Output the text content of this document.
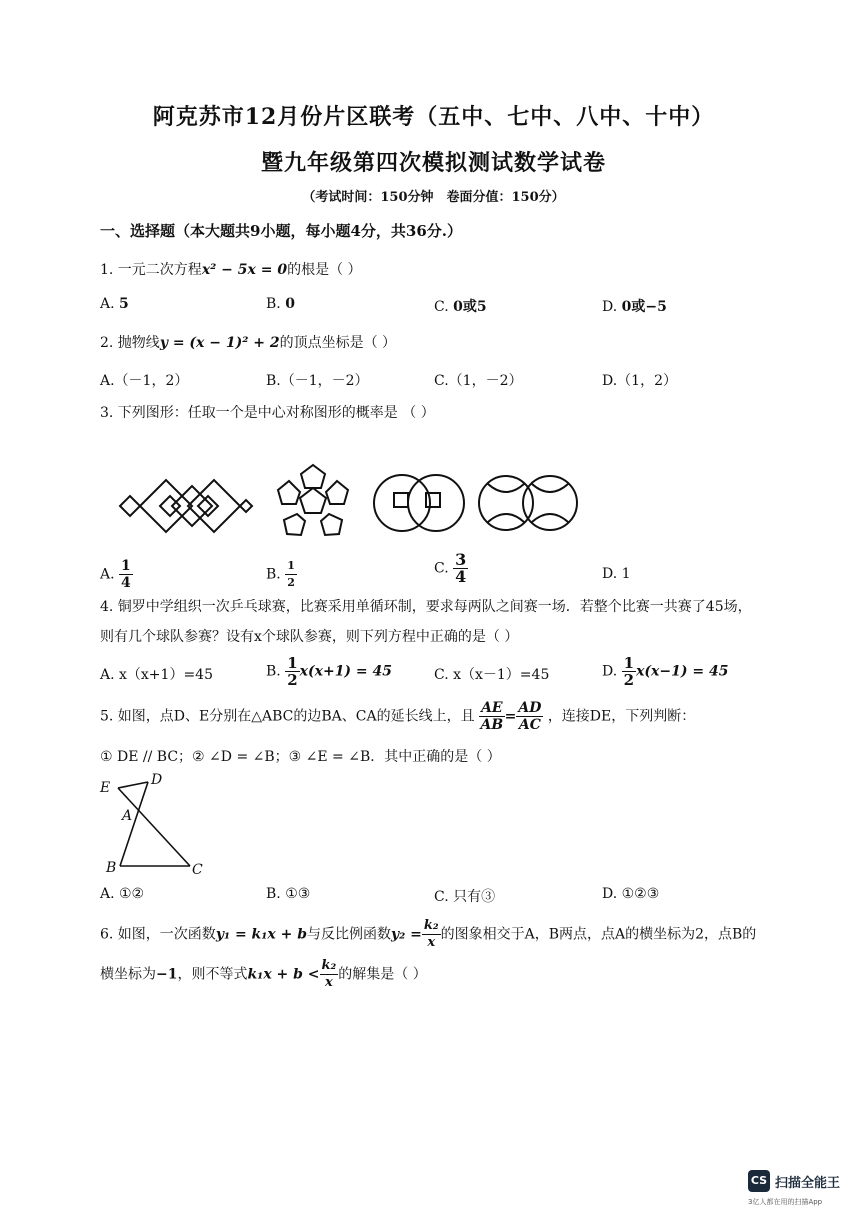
阿克苏市12月份片区联考（五中、七中、八中、十中）
暨九年级第四次模拟测试数学试卷
（考试时间：150分钟　卷面分值：150分）
一、选择题（本大题共9小题，每小题4分，共36分.）
1. 一元二次方程x² − 5x = 0的根是（ ）
A. 5	B. 0	C. 0或5	D. 0或−5
2. 抛物线y = (x − 1)² + 2的顶点坐标是（ ）
A.（－1，2）	B.（－1，－2）	C.（1，－2）	D.（1，2）
3. 下列图形：任取一个是中心对称图形的概率是 （ ）
A. $\frac{1}{4}$	B. $\frac{1}{2}$	C. $\frac{3}{4}$	D. 1
4. 铜罗中学组织一次乒乓球赛，比赛采用单循环制，要求每两队之间赛一场．若整个比赛一共赛了45场，
则有几个球队参赛？设有x个球队参赛，则下列方程中正确的是（ ）
A. x（x+1）=45	B. $\frac{1}{2} x(x+1) = 45$	C. x（x－1）=45	D. $\frac{1}{2} x(x-1) = 45$
5. 如图，点D、E分别在△ABC的边BA、CA的延长线上，且 $\frac{AE}{AB} = \frac{AD}{AC}$ ，连接DE，下列判断：
① DE // BC；② ∠D = ∠B；③ ∠E = ∠B．其中正确的是（ ）
E	D
A
B	C
A. ①②	B. ①③	C. 只有③	D. ①②③
6. 如图，一次函数y₁ = k₁x + b与反比例函数$y_2 = \frac{\text{k₂}}{x}$ 的图象相交于A，B两点，点A的横坐标为2，点B的
横坐标为−1，则不等式$k_1x + b < \frac{\text{k₂}}{x}$ 的解集是（ ）
CS 扫描全能王
3亿人都在用的扫描App
